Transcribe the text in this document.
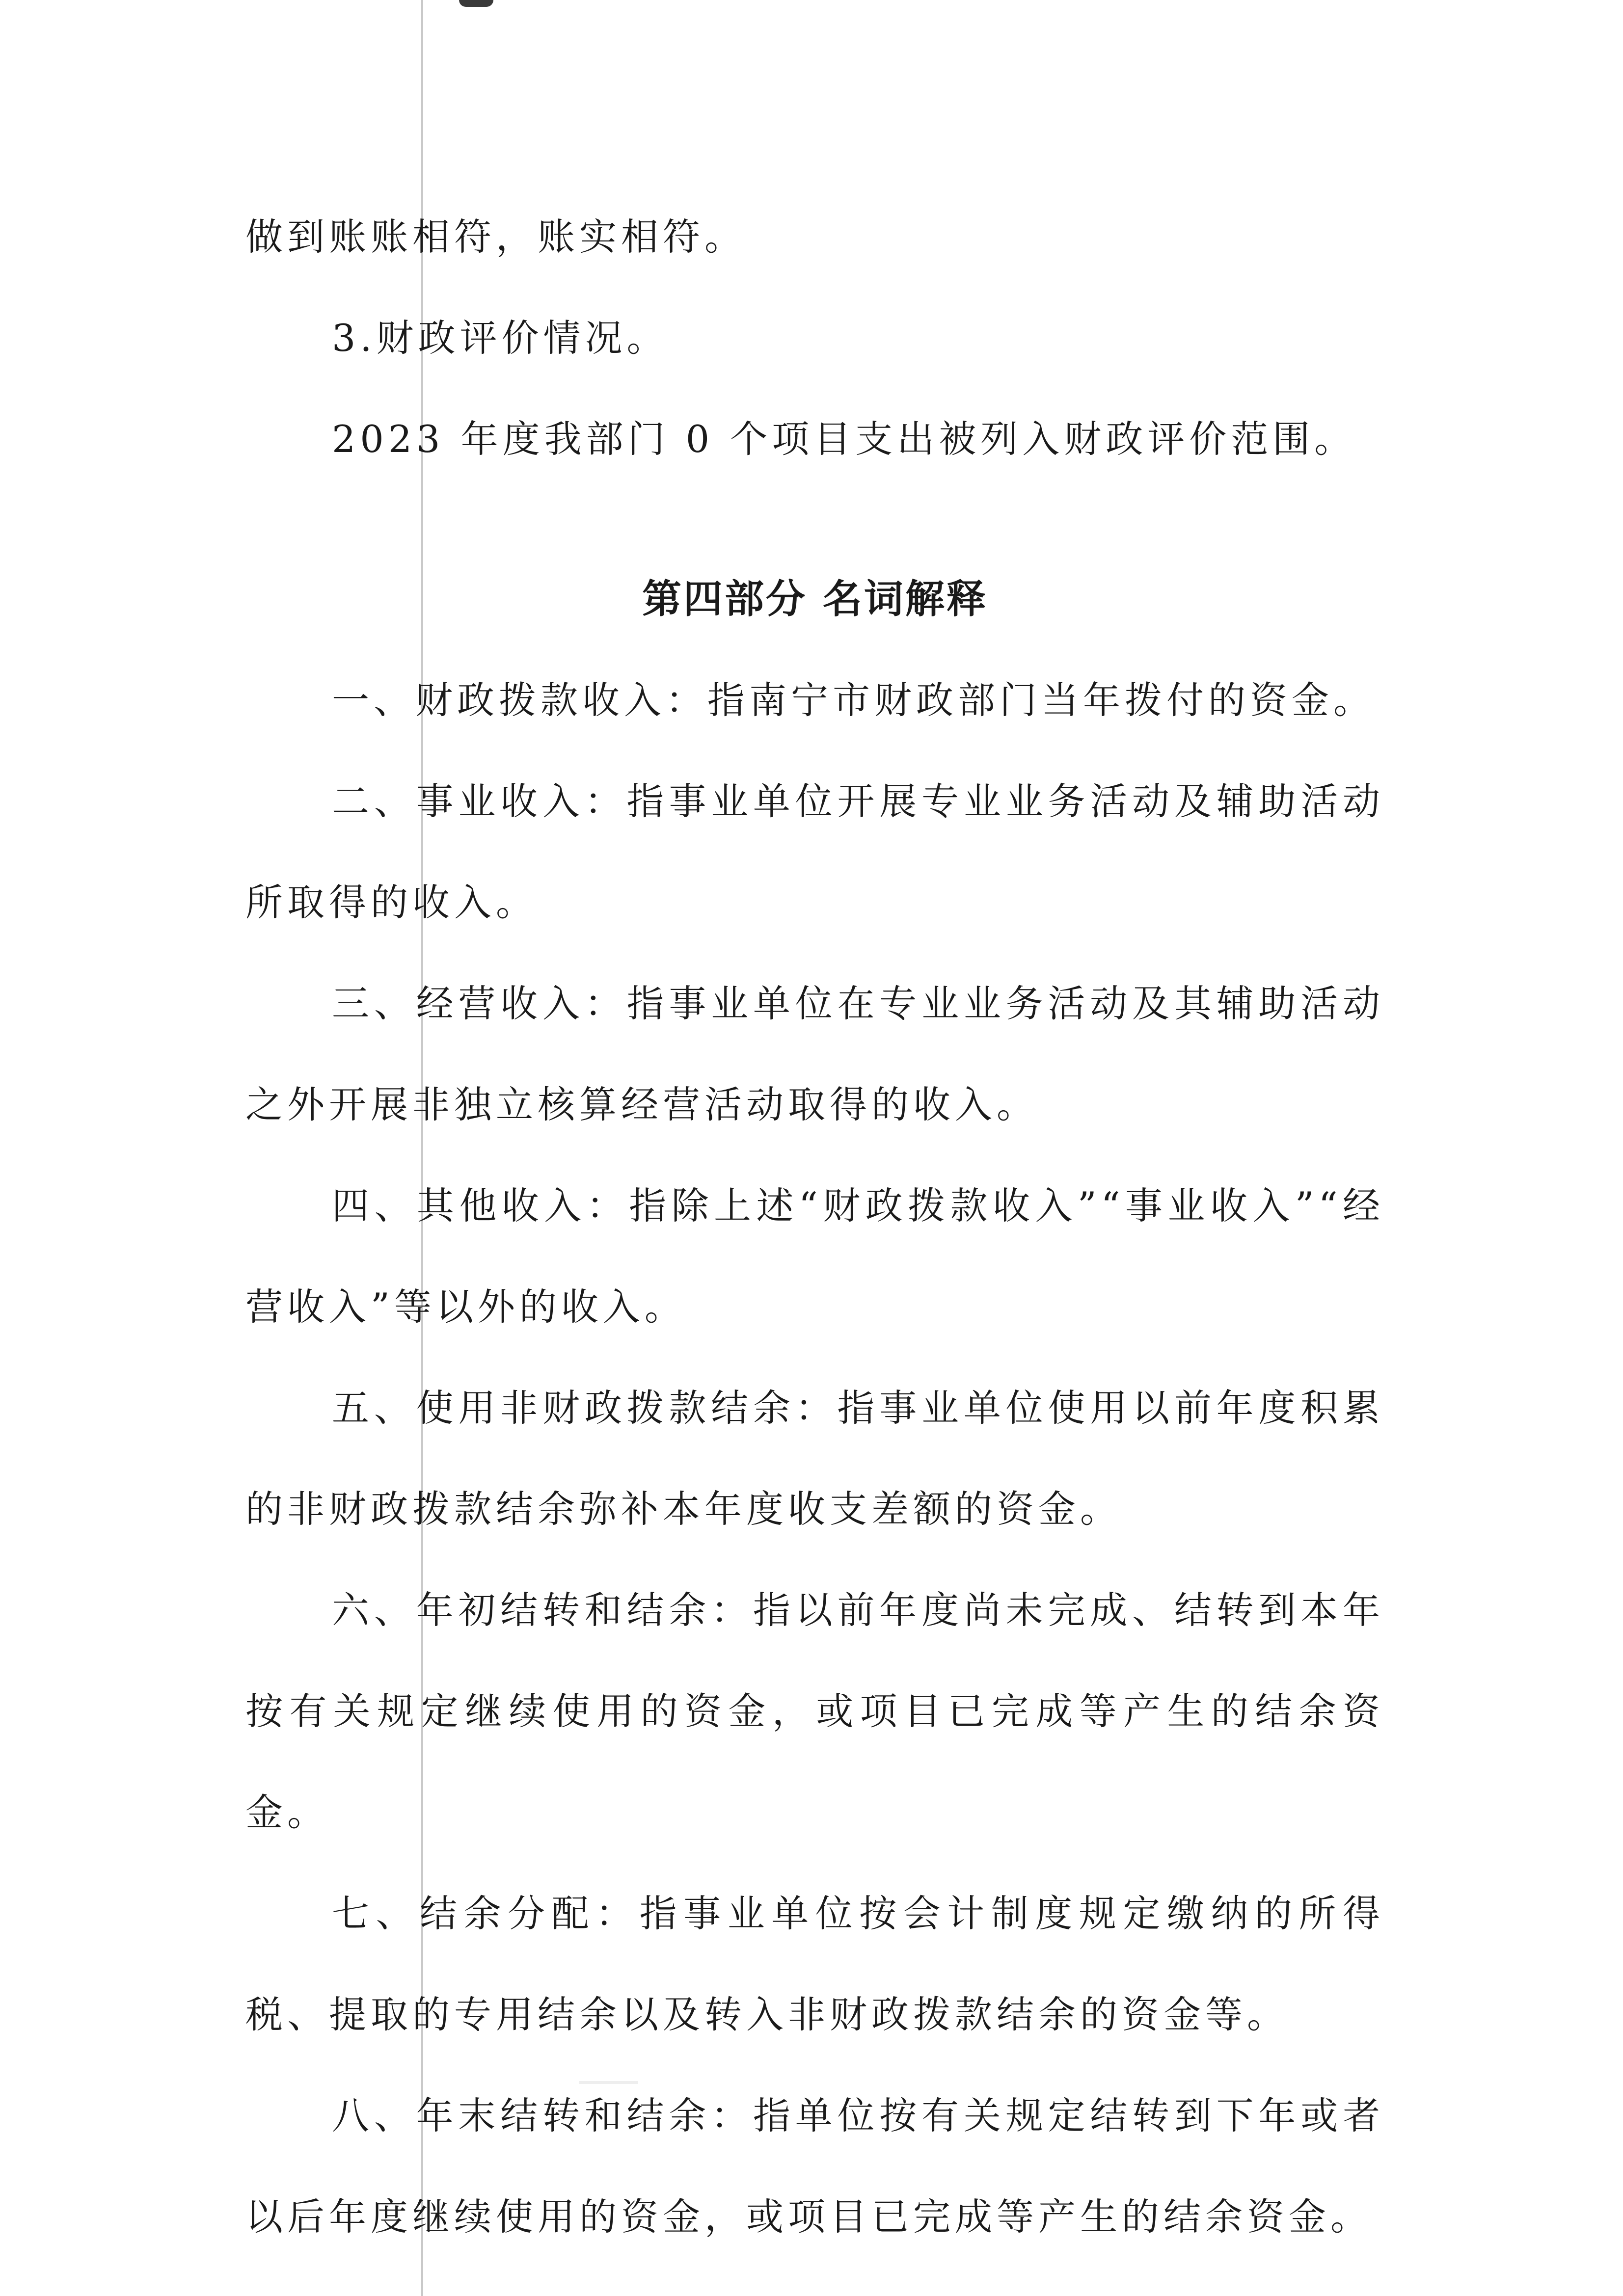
做到账账相符，账实相符。

3.财政评价情况。

2023 年度我部门 0 个项目支出被列入财政评价范围。

第四部分 名词解释

一、财政拨款收入：指南宁市财政部门当年拨付的资金。

二、事业收入：指事业单位开展专业业务活动及辅助活动所取得的收入。

三、经营收入：指事业单位在专业业务活动及其辅助活动之外开展非独立核算经营活动取得的收入。

四、其他收入：指除上述“财政拨款收入”“事业收入”“经营收入”等以外的收入。

五、使用非财政拨款结余：指事业单位使用以前年度积累的非财政拨款结余弥补本年度收支差额的资金。

六、年初结转和结余：指以前年度尚未完成、结转到本年按有关规定继续使用的资金，或项目已完成等产生的结余资金。

七、结余分配：指事业单位按会计制度规定缴纳的所得税、提取的专用结余以及转入非财政拨款结余的资金等。

八、年末结转和结余：指单位按有关规定结转到下年或者以后年度继续使用的资金，或项目已完成等产生的结余资金。
